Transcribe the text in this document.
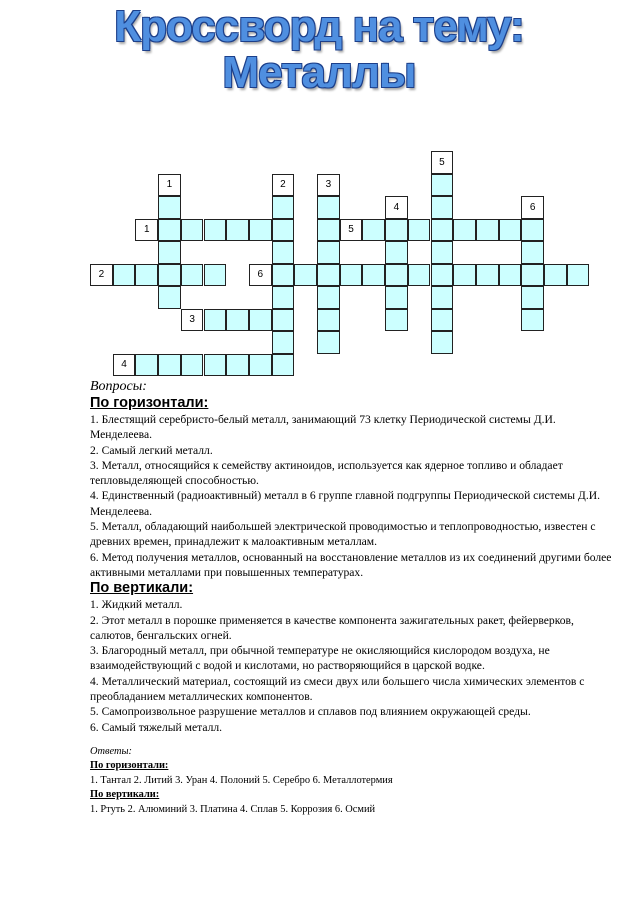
Кроссворд на тему:
Металлы
5
1	2	3
4	6
1	5
2	6
3
4
Вопросы:
По горизонтали:
1. Блестящий серебристо-белый металл, занимающий 73 клетку Периодической системы Д.И. Менделеева.
2. Самый легкий металл.
3. Металл, относящийся к семейству актиноидов, используется как ядерное топливо и обладает тепловыделяющей способностью.
4. Единственный (радиоактивный) металл в 6 группе главной подгруппы Периодической системы Д.И. Менделеева.
5. Металл, обладающий наибольшей электрической проводимостью и теплопроводностью, известен с древних времен, принадлежит к малоактивным металлам.
6. Метод получения металлов, основанный на восстановление металлов из их соединений другими более активными металлами при повышенных температурах.
По вертикали:
1. Жидкий металл.
2. Этот металл в порошке применяется в качестве компонента зажигательных ракет, фейерверков, салютов, бенгальских огней.
3. Благородный металл, при обычной температуре не окисляющийся кислородом воздуха, не взаимодействующий с водой и кислотами, но растворяющийся в царской водке.
4. Металлический материал, состоящий из смеси двух или большего числа химических элементов с преобладанием металлических компонентов.
5. Самопроизвольное разрушение металлов и сплавов под влиянием окружающей среды.
6. Самый тяжелый металл.
Ответы:
По горизонтали:
1. Тантал 2. Литий 3. Уран 4. Полоний 5. Серебро 6. Металлотермия
По вертикали:
1. Ртуть 2. Алюминий 3. Платина 4. Сплав 5. Коррозия 6. Осмий
